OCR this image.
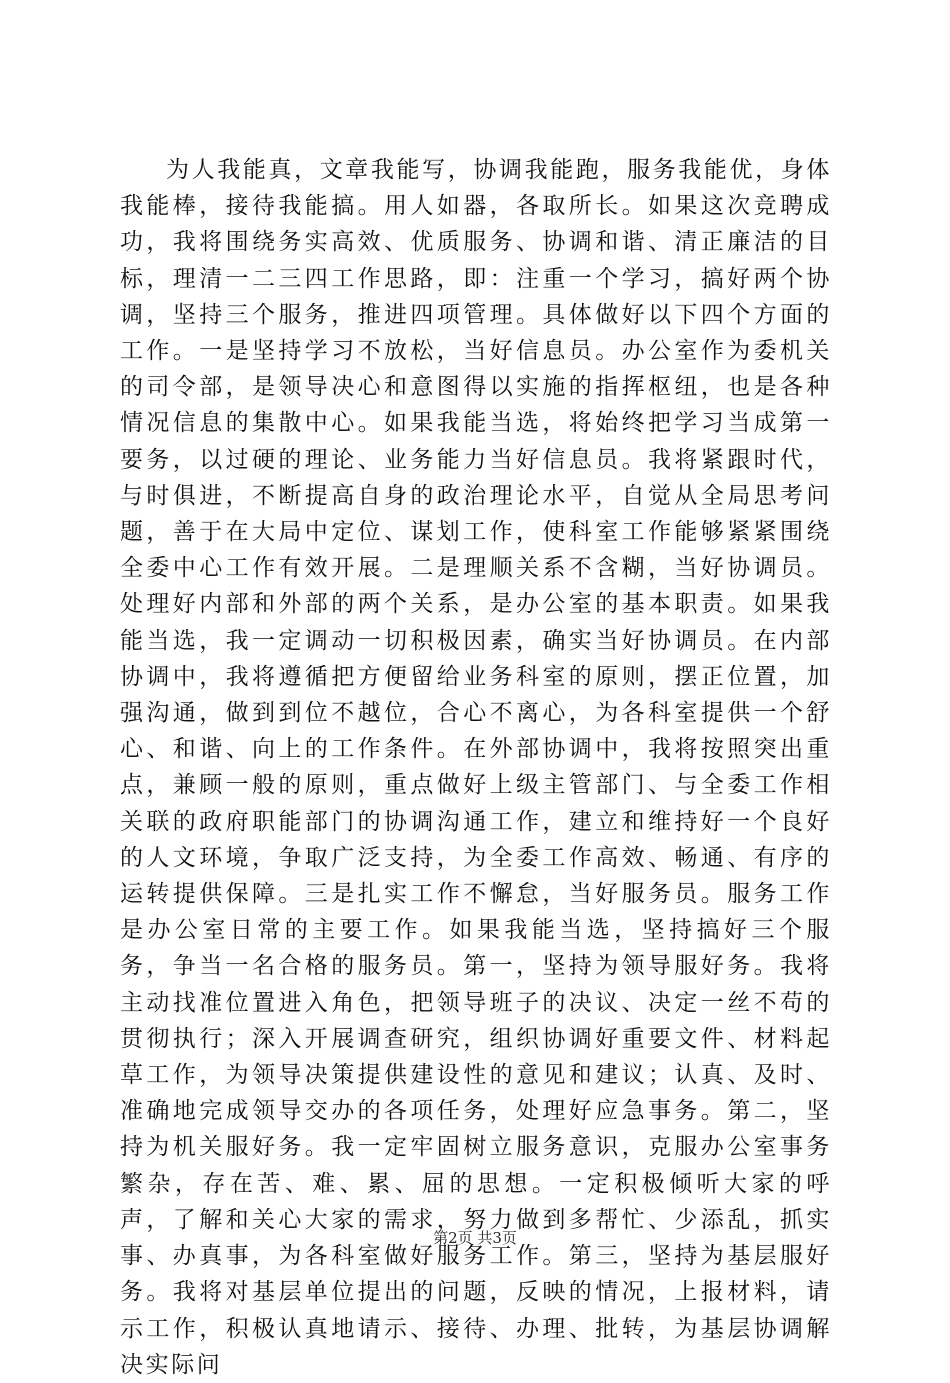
为人我能真，文章我能写，协调我能跑，服务我能优，身体我能棒，接待我能搞。用人如器，各取所长。如果这次竞聘成功，我将围绕务实高效、优质服务、协调和谐、清正廉洁的目标，理清一二三四工作思路，即：注重一个学习，搞好两个协调，坚持三个服务，推进四项管理。具体做好以下四个方面的工作。一是坚持学习不放松，当好信息员。办公室作为委机关的司令部，是领导决心和意图得以实施的指挥枢纽，也是各种情况信息的集散中心。如果我能当选，将始终把学习当成第一要务，以过硬的理论、业务能力当好信息员。我将紧跟时代，与时俱进，不断提高自身的政治理论水平，自觉从全局思考问题，善于在大局中定位、谋划工作，使科室工作能够紧紧围绕全委中心工作有效开展。二是理顺关系不含糊，当好协调员。处理好内部和外部的两个关系，是办公室的基本职责。如果我能当选，我一定调动一切积极因素，确实当好协调员。在内部协调中，我将遵循把方便留给业务科室的原则，摆正位置，加强沟通，做到到位不越位，合心不离心，为各科室提供一个舒心、和谐、向上的工作条件。在外部协调中，我将按照突出重点，兼顾一般的原则，重点做好上级主管部门、与全委工作相关联的政府职能部门的协调沟通工作，建立和维持好一个良好的人文环境，争取广泛支持，为全委工作高效、畅通、有序的运转提供保障。三是扎实工作不懈怠，当好服务员。服务工作是办公室日常的主要工作。如果我能当选，坚持搞好三个服务，争当一名合格的服务员。第一，坚持为领导服好务。我将主动找准位置进入角色，把领导班子的决议、决定一丝不苟的贯彻执行；深入开展调查研究，组织协调好重要文件、材料起草工作，为领导决策提供建设性的意见和建议；认真、及时、准确地完成领导交办的各项任务，处理好应急事务。第二，坚持为机关服好务。我一定牢固树立服务意识，克服办公室事务繁杂，存在苦、难、累、屈的思想。一定积极倾听大家的呼声，了解和关心大家的需求，努力做到多帮忙、少添乱，抓实事、办真事，为各科室做好服务工作。第三，坚持为基层服好务。我将对基层单位提出的问题，反映的情况，上报材料，请示工作，积极认真地请示、接待、办理、批转，为基层协调解决实际问

第2页 共3页
